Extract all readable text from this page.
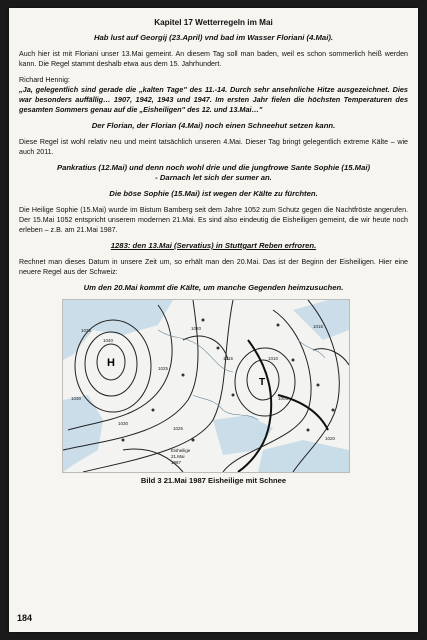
Kapitel 17 Wetterregeln im Mai
Hab lust auf Georgij (23.April) vnd bad im Wasser Floriani (4.Mai).
Auch hier ist mit Floriani unser 13.Mai gemeint. An diesem Tag soll man baden, weil es schon sommerlich heiß werden kann. Die Regel stammt deshalb etwa aus dem 15. Jahrhundert.
Richard Hennig:
„Ja, gelegentlich sind gerade die „kalten Tage" des 11.-14. Durch sehr ansehnliche Hitze ausgezeichnet. Dies war besonders auffällig… 1907, 1942, 1943 und 1947. Im ersten Jahr fielen die höchsten Temperaturen des gesamten Sommers genau auf die „Eisheiligen" des 12. und 13.Mai…"
Der Florian, der Florian (4.Mai) noch einen Schneehut setzen kann.
Diese Regel ist wohl relativ neu und meint tatsächlich unseren 4.Mai. Dieser Tag bringt gelegentlich extreme Kälte – wie auch 2011.
Pankratius (12.Mai) und denn noch wohl drie und die jungfrowe Sante Sophie (15.Mai)
- Darnach let sich der sumer an.
Die böse Sophie (15.Mai) ist wegen der Kälte zu fürchten.
Die Heilige Sophie (15.Mai) wurde im Bistum Bamberg seit dem Jahre 1052 zum Schutz gegen die Nachtfröste angerufen. Der 15.Mai 1052 entspricht unserem modernen 21.Mai. Es sind also eindeutig die Eisheiligen gemeint, die wir heute noch erleben – z.B. am 21.Mai 1987.
1283: den 13.Mai (Servatius) in Stuttgart Reben erfroren.
Rechnet man dieses Datum in unsere Zeit um, so erhält man den 20.Mai. Das ist der Beginn der Eisheiligen. Hier eine neuere Regel aus der Schweiz:
Um den 20.Mai kommt die Kälte, um manche Gegenden heimzusuchen.
H
T
1040
1035
1030
1025
1020
1015	1010
1005
1015
1020
1025
1030
Eisheilige
21.Mai
1987
Bild 3 21.Mai 1987 Eisheilige mit Schnee
184
